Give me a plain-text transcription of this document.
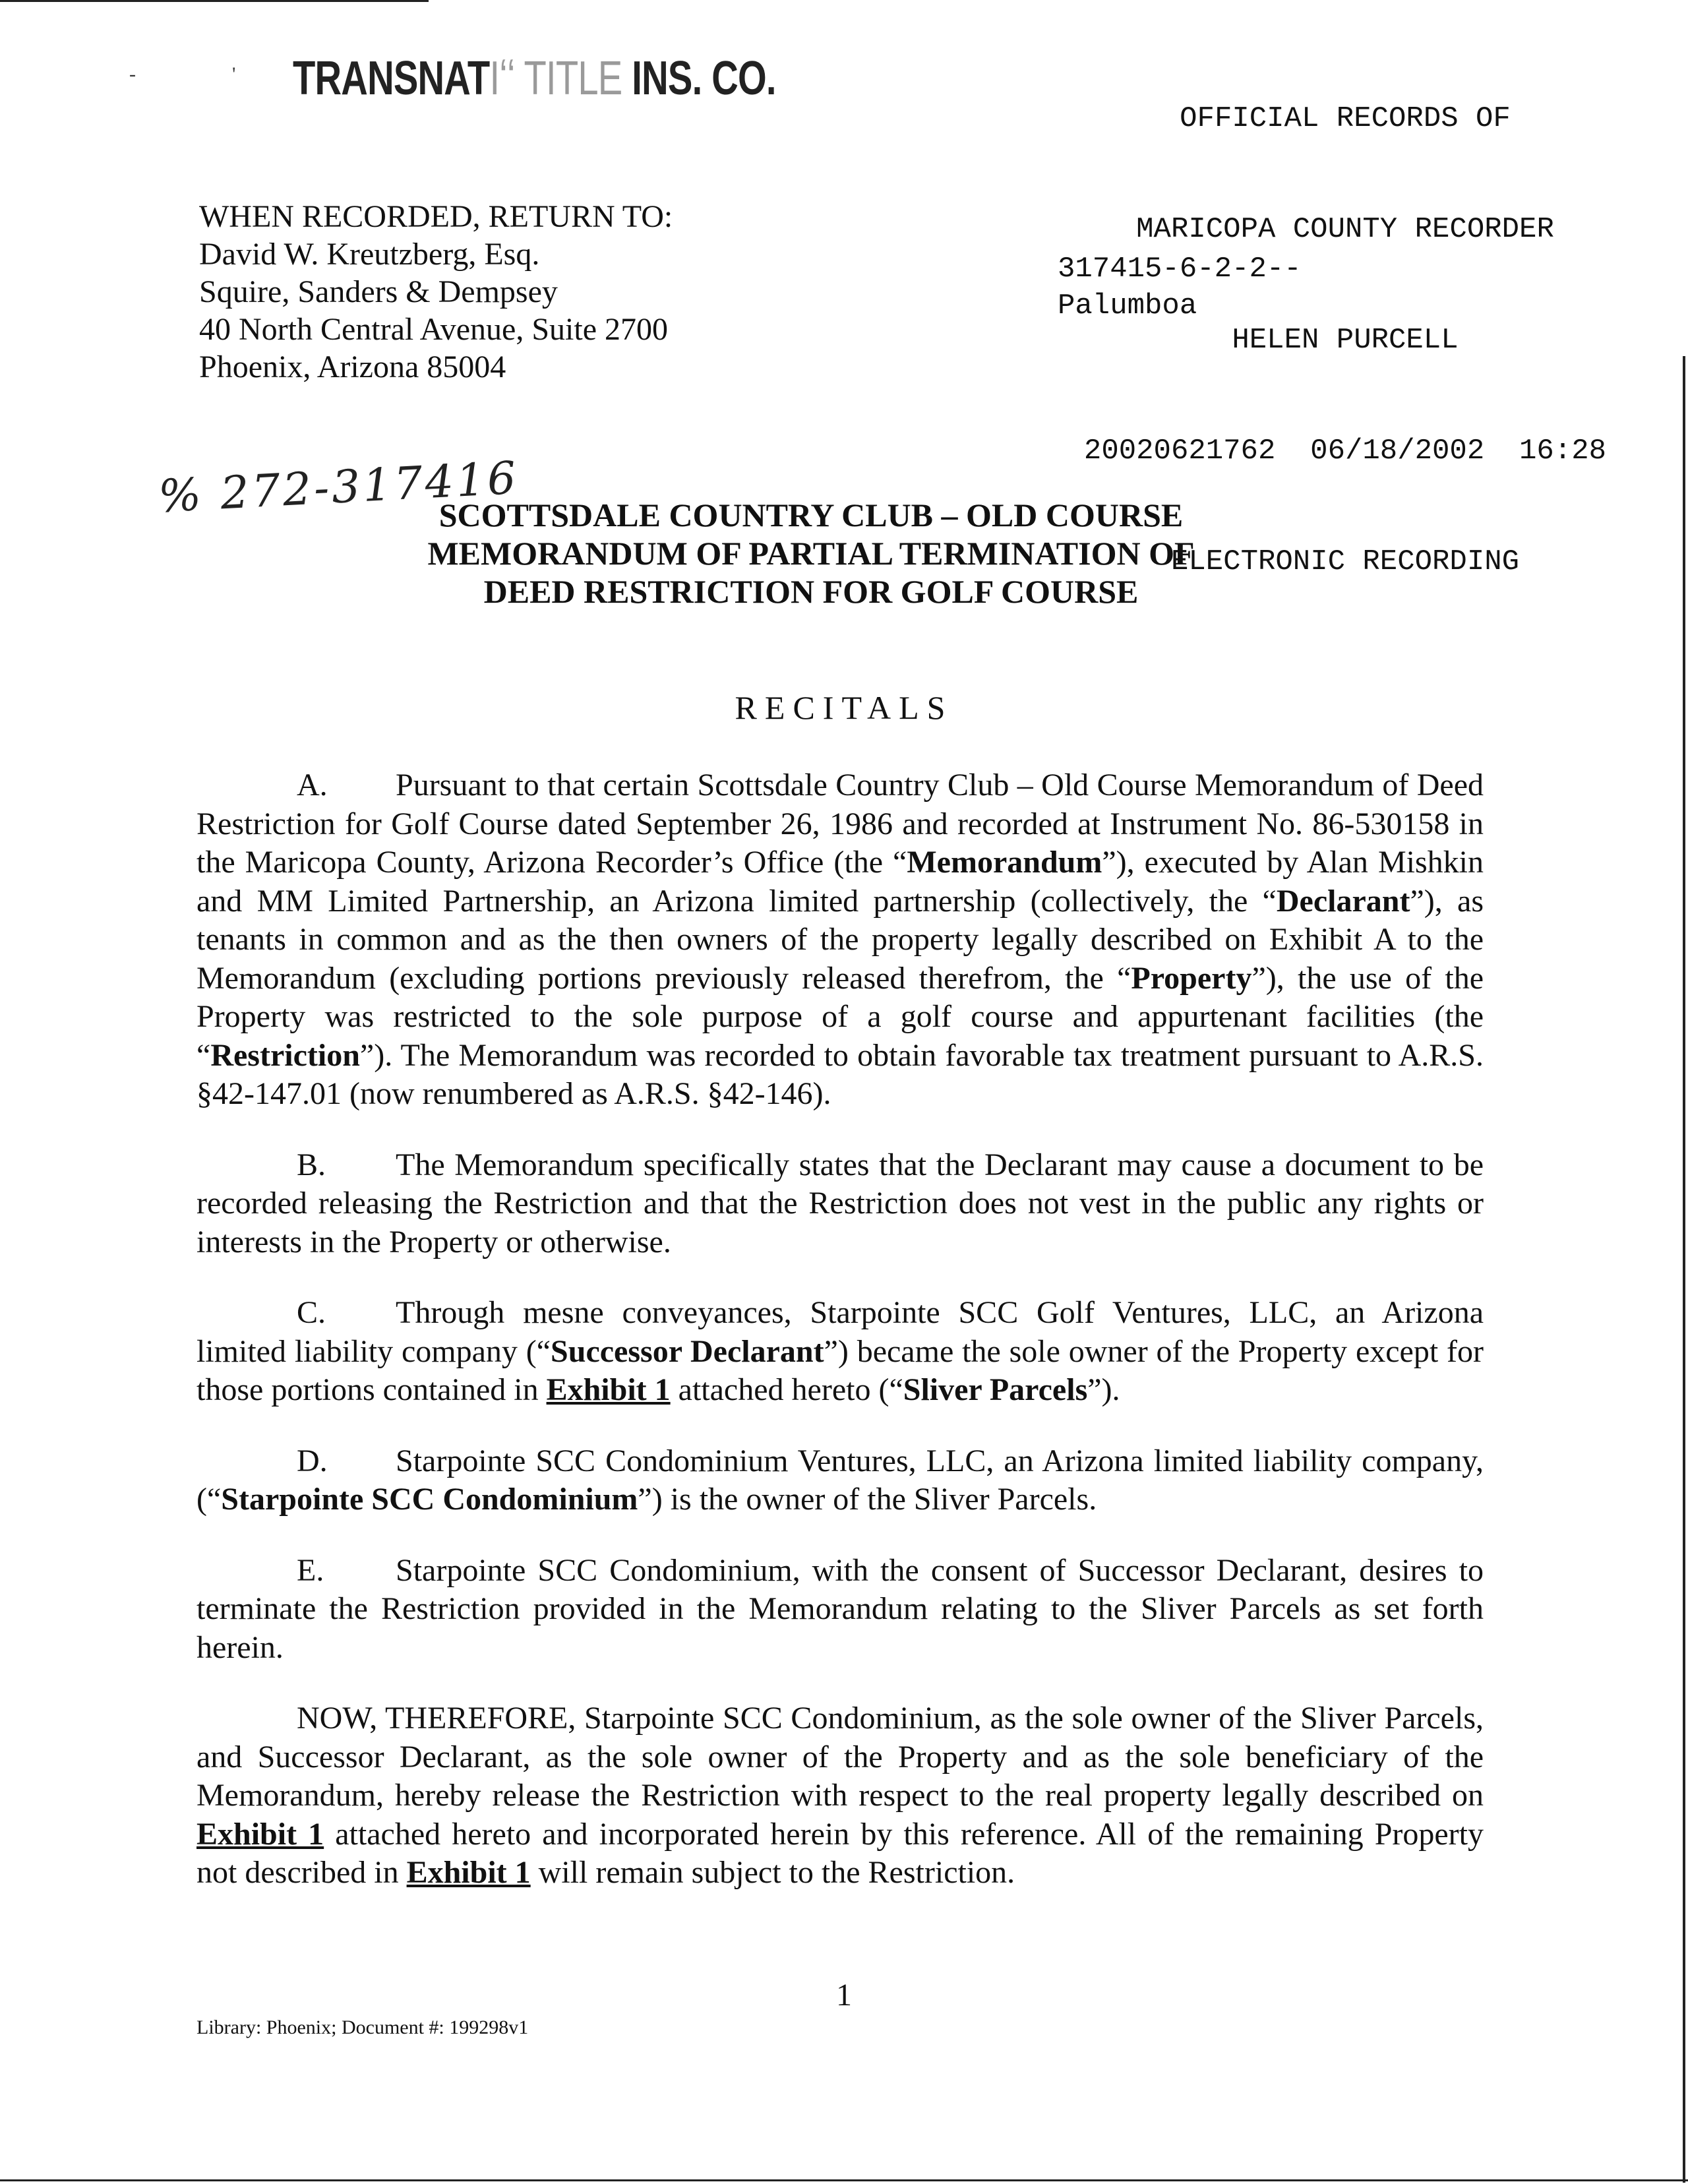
-	' TRANSNATIʻʻ TITLE INS. CO.

OFFICIAL RECORDS OF

MARICOPA COUNTY RECORDER

HELEN PURCELL

20020621762  06/18/2002  16:28

ELECTRONIC RECORDING

317415-6-2-2--
Palumboa
WHEN RECORDED, RETURN TO:
David W. Kreutzberg, Esq.
Squire, Sanders & Dempsey
40 North Central Avenue, Suite 2700
Phoenix, Arizona 85004
% 272-317416
SCOTTSDALE COUNTRY CLUB – OLD COURSE
MEMORANDUM OF PARTIAL TERMINATION OF
DEED RESTRICTION FOR GOLF COURSE
RECITALS

A. Pursuant to that certain Scottsdale Country Club – Old Course Memorandum of Deed Restriction for Golf Course dated September 26, 1986 and recorded at Instrument No. 86-530158 in the Maricopa County, Arizona Recorder’s Office (the “Memorandum”), executed by Alan Mishkin and MM Limited Partnership, an Arizona limited partnership (collectively, the “Declarant”), as tenants in common and as the then owners of the property legally described on Exhibit A to the Memorandum (excluding portions previously released therefrom, the “Property”), the use of the Property was restricted to the sole purpose of a golf course and appurtenant facilities (the “Restriction”). The Memorandum was recorded to obtain favorable tax treatment pursuant to A.R.S. §42-147.01 (now renumbered as A.R.S. §42-146).

B. The Memorandum specifically states that the Declarant may cause a document to be recorded releasing the Restriction and that the Restriction does not vest in the public any rights or interests in the Property or otherwise.

C. Through mesne conveyances, Starpointe SCC Golf Ventures, LLC, an Arizona limited liability company (“Successor Declarant”) became the sole owner of the Property except for those portions contained in Exhibit 1 attached hereto (“Sliver Parcels”).

D. Starpointe SCC Condominium Ventures, LLC, an Arizona limited liability company, (“Starpointe SCC Condominium”) is the owner of the Sliver Parcels.

E. Starpointe SCC Condominium, with the consent of Successor Declarant, desires to terminate the Restriction provided in the Memorandum relating to the Sliver Parcels as set forth herein.

NOW, THEREFORE, Starpointe SCC Condominium, as the sole owner of the Sliver Parcels, and Successor Declarant, as the sole owner of the Property and as the sole beneficiary of the Memorandum, hereby release the Restriction with respect to the real property legally described on Exhibit 1 attached hereto and incorporated herein by this reference. All of the remaining Property not described in Exhibit 1 will remain subject to the Restriction.

1
Library: Phoenix; Document #: 199298v1
